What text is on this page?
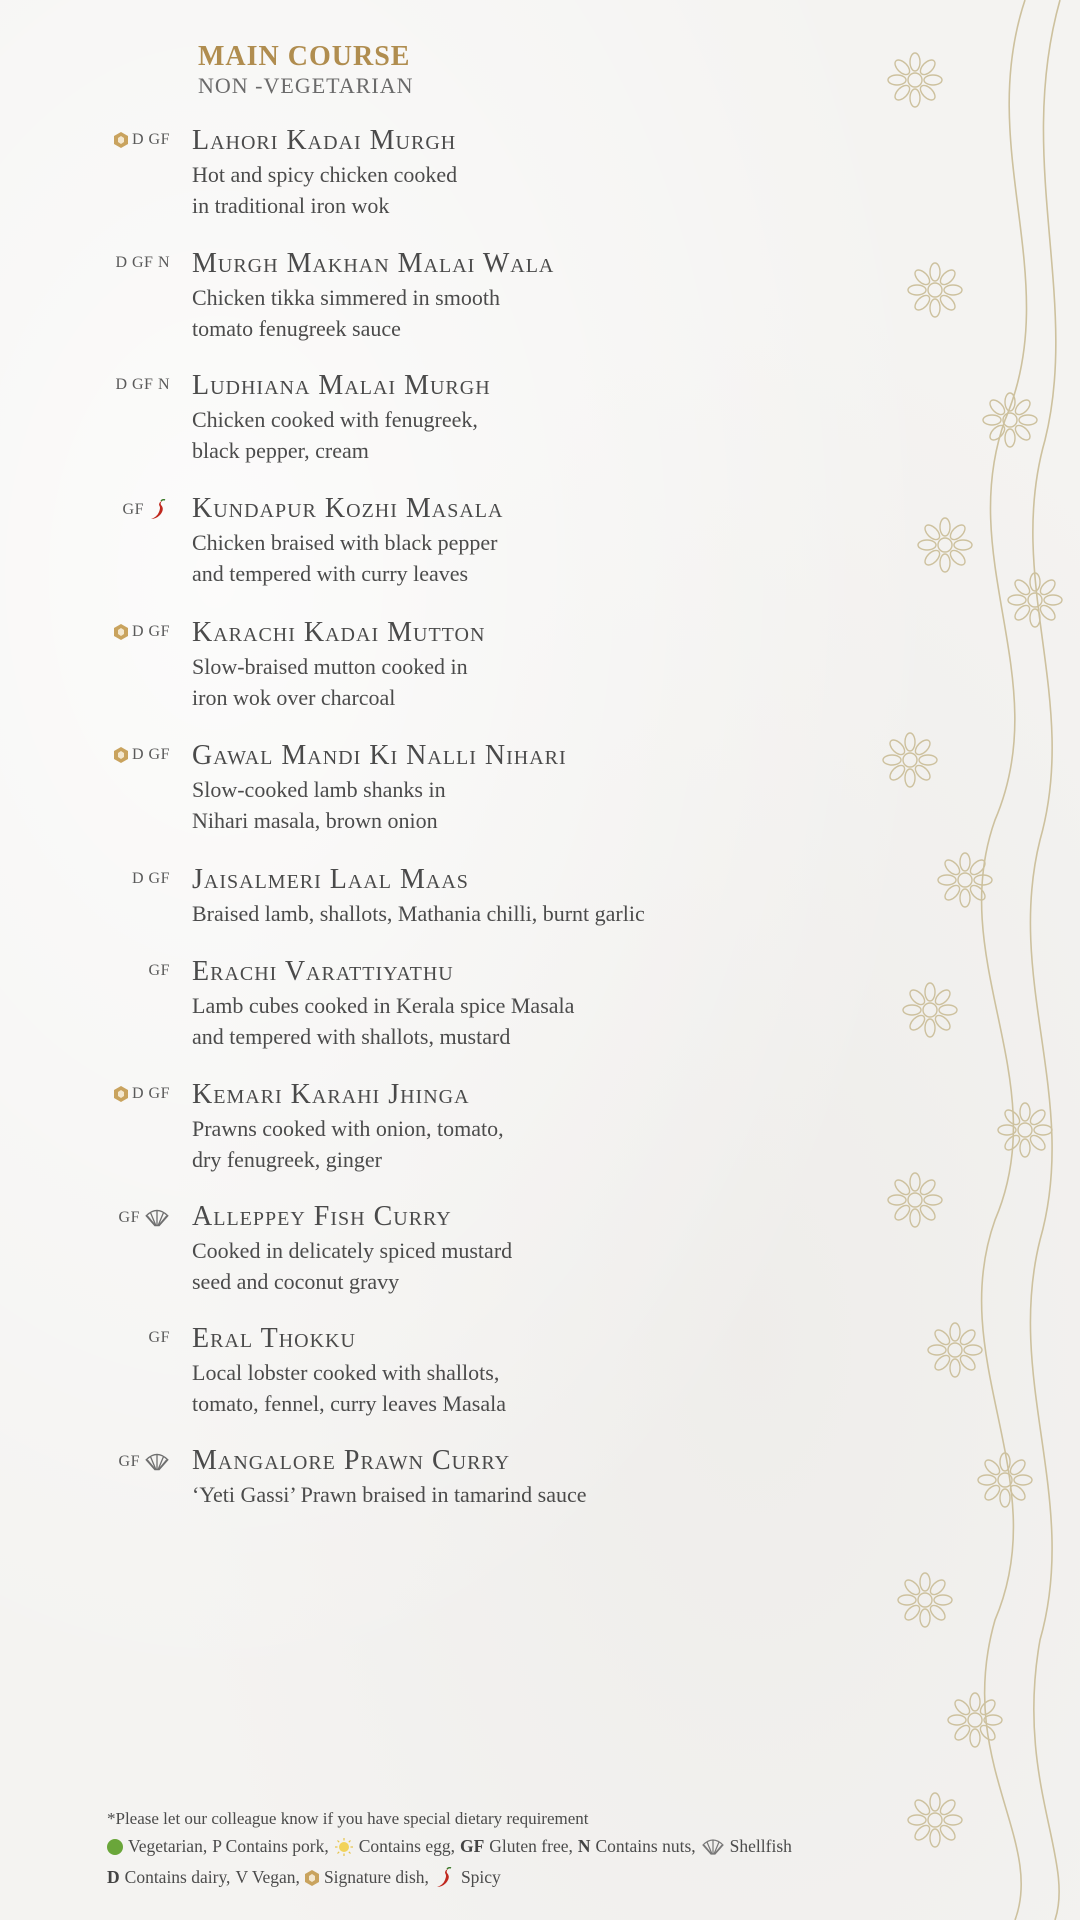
MAIN COURSE
NON -VEGETARIAN
D GF Lahori Kadai Murgh
Hot and spicy chicken cooked
in traditional iron wok
D GF N Murgh Makhan Malai Wala
Chicken tikka simmered in smooth
tomato fenugreek sauce
D GF N Ludhiana Malai Murgh
Chicken cooked with fenugreek,
black pepper, cream
GF Kundapur Kozhi Masala
Chicken braised with black pepper
and tempered with curry leaves
D GF Karachi Kadai Mutton
Slow-braised mutton cooked in
iron wok over charcoal
D GF Gawal Mandi Ki Nalli Nihari
Slow-cooked lamb shanks in
Nihari masala, brown onion
D GF Jaisalmeri Laal Maas
Braised lamb, shallots, Mathania chilli, burnt garlic
GF Erachi Varattiyathu
Lamb cubes cooked in Kerala spice Masala
and tempered with shallots, mustard
D GF Kemari Karahi Jhinga
Prawns cooked with onion, tomato,
dry fenugreek, ginger
GF Alleppey Fish Curry
Cooked in delicately spiced mustard
seed and coconut gravy
GF Eral Thokku
Local lobster cooked with shallots,
tomato, fennel, curry leaves Masala
GF Mangalore Prawn Curry
‘Yeti Gassi’ Prawn braised in tamarind sauce
*Please let our colleague know if you have special dietary requirement
Vegetarian, P Contains pork, Contains egg, GF Gluten free, N Contains nuts, Shellfish
D Contains dairy, V Vegan, Signature dish, Spicy
